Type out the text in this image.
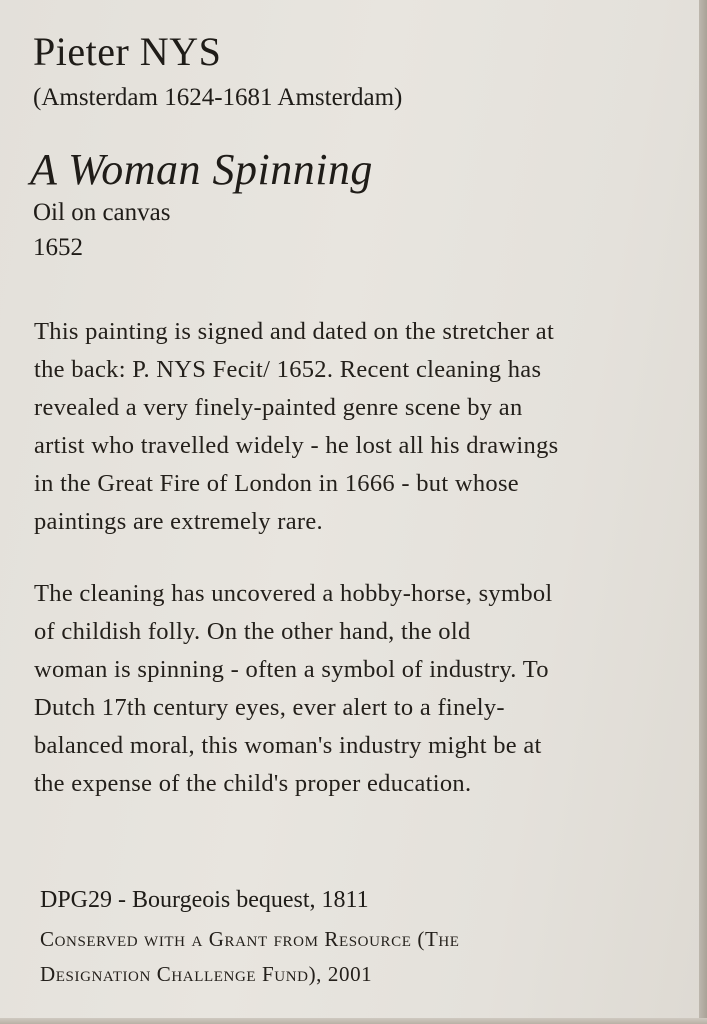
Pieter NYS
(Amsterdam 1624-1681 Amsterdam)
A Woman Spinning
Oil on canvas
1652
This painting is signed and dated on the stretcher at
the back: P. NYS Fecit/ 1652. Recent cleaning has
revealed a very finely-painted genre scene by an
artist who travelled widely - he lost all his drawings
in the Great Fire of London in 1666 - but whose
paintings are extremely rare.
The cleaning has uncovered a hobby-horse, symbol
of childish folly. On the other hand, the old
woman is spinning - often a symbol of industry. To
Dutch 17th century eyes, ever alert to a finely-
balanced moral, this woman's industry might be at
the expense of the child's proper education.
DPG29 - Bourgeois bequest, 1811
Conserved with a Grant from Resource (The
Designation Challenge Fund), 2001
